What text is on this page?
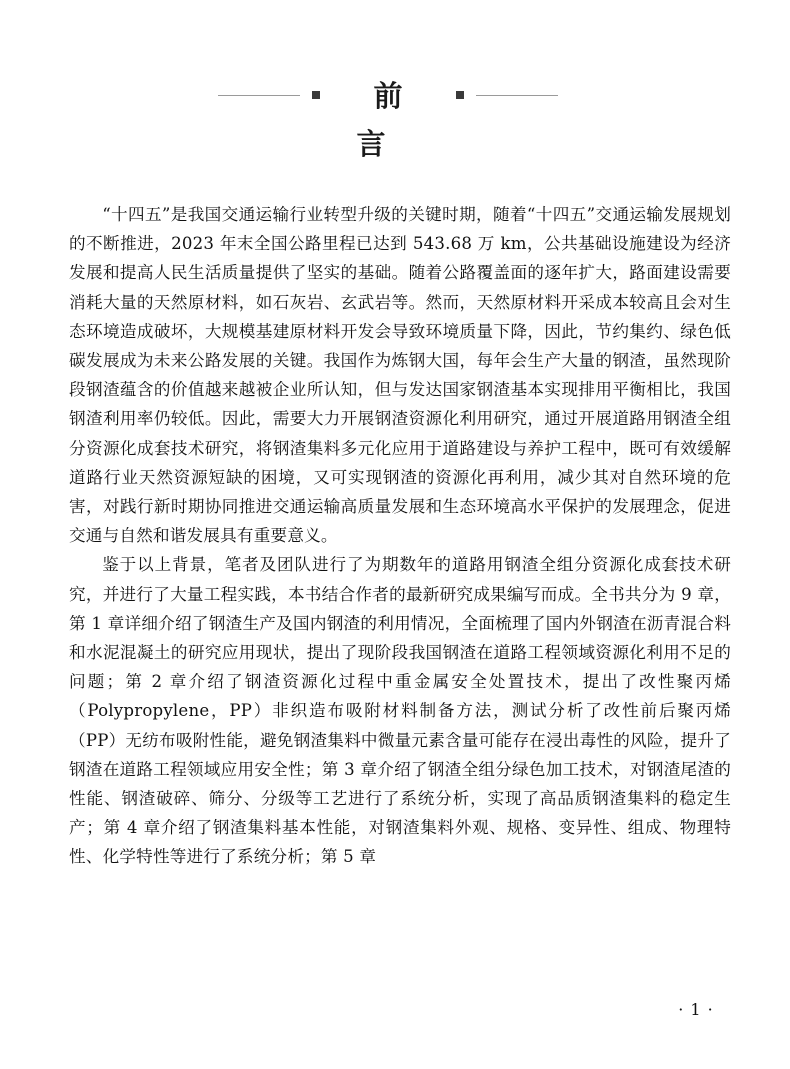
前言

“十四五”是我国交通运输行业转型升级的关键时期，随着“十四五”交通运输发展规划的不断推进，2023 年末全国公路里程已达到 543.68 万 km，公共基础设施建设为经济发展和提高人民生活质量提供了坚实的基础。随着公路覆盖面的逐年扩大，路面建设需要消耗大量的天然原材料，如石灰岩、玄武岩等。然而，天然原材料开采成本较高且会对生态环境造成破坏，大规模基建原材料开发会导致环境质量下降，因此，节约集约、绿色低碳发展成为未来公路发展的关键。我国作为炼钢大国，每年会生产大量的钢渣，虽然现阶段钢渣蕴含的价值越来越被企业所认知，但与发达国家钢渣基本实现排用平衡相比，我国钢渣利用率仍较低。因此，需要大力开展钢渣资源化利用研究，通过开展道路用钢渣全组分资源化成套技术研究，将钢渣集料多元化应用于道路建设与养护工程中，既可有效缓解道路行业天然资源短缺的困境，又可实现钢渣的资源化再利用，减少其对自然环境的危害，对践行新时期协同推进交通运输高质量发展和生态环境高水平保护的发展理念，促进交通与自然和谐发展具有重要意义。

鉴于以上背景，笔者及团队进行了为期数年的道路用钢渣全组分资源化成套技术研究，并进行了大量工程实践，本书结合作者的最新研究成果编写而成。全书共分为 9 章，第 1 章详细介绍了钢渣生产及国内钢渣的利用情况，全面梳理了国内外钢渣在沥青混合料和水泥混凝土的研究应用现状，提出了现阶段我国钢渣在道路工程领域资源化利用不足的问题；第 2 章介绍了钢渣资源化过程中重金属安全处置技术，提出了改性聚丙烯（Polypropylene，PP）非织造布吸附材料制备方法，测试分析了改性前后聚丙烯（PP）无纺布吸附性能，避免钢渣集料中微量元素含量可能存在浸出毒性的风险，提升了钢渣在道路工程领域应用安全性；第 3 章介绍了钢渣全组分绿色加工技术，对钢渣尾渣的性能、钢渣破碎、筛分、分级等工艺进行了系统分析，实现了高品质钢渣集料的稳定生产；第 4 章介绍了钢渣集料基本性能，对钢渣集料外观、规格、变异性、组成、物理特性、化学特性等进行了系统分析；第 5 章

· 1 ·
